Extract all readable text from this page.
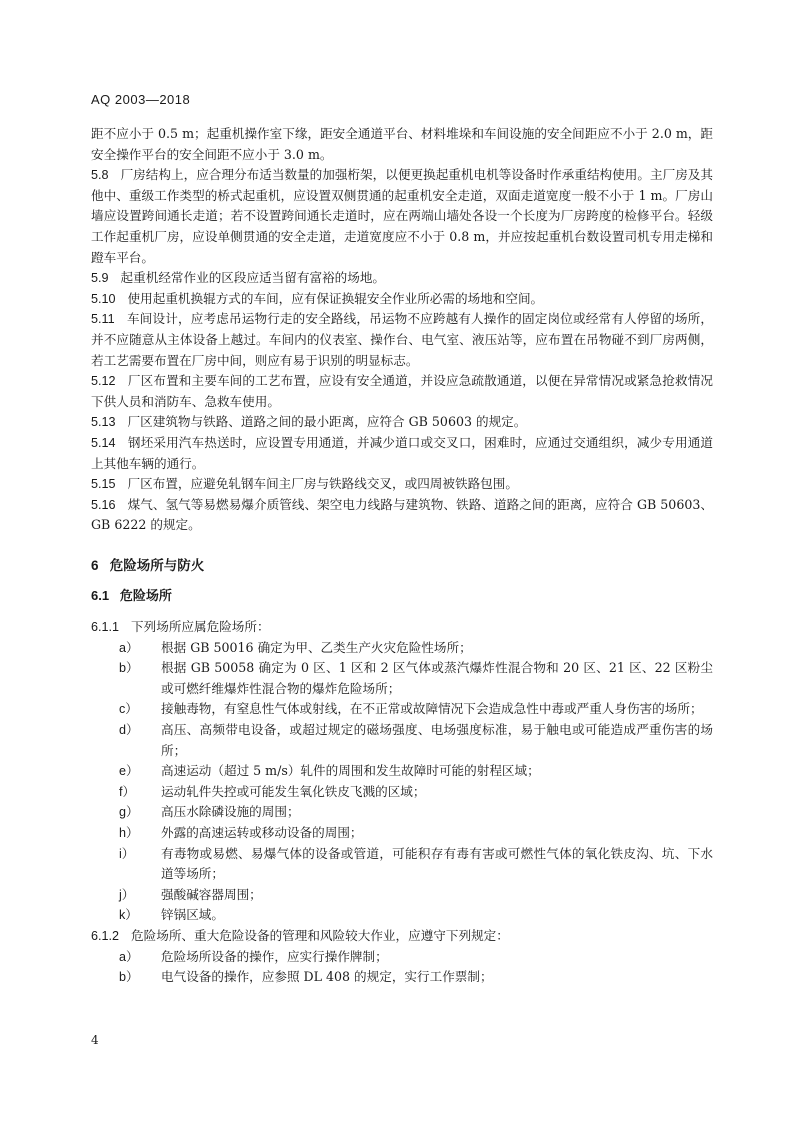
AQ 2003—2018

距不应小于 0.5 m；起重机操作室下缘，距安全通道平台、材料堆垛和车间设施的安全间距应不小于 2.0 m，距安全操作平台的安全间距不应小于 3.0 m。

5.8 厂房结构上，应合理分布适当数量的加强桁架，以便更换起重机电机等设备时作承重结构使用。主厂房及其他中、重级工作类型的桥式起重机，应设置双侧贯通的起重机安全走道，双面走道宽度一般不小于 1 m。厂房山墙应设置跨间通长走道；若不设置跨间通长走道时，应在两端山墙处各设一个长度为厂房跨度的检修平台。轻级工作起重机厂房，应设单侧贯通的安全走道，走道宽度应不小于 0.8 m，并应按起重机台数设置司机专用走梯和蹬车平台。

5.9 起重机经常作业的区段应适当留有富裕的场地。

5.10 使用起重机换辊方式的车间，应有保证换辊安全作业所必需的场地和空间。

5.11 车间设计，应考虑吊运物行走的安全路线，吊运物不应跨越有人操作的固定岗位或经常有人停留的场所，并不应随意从主体设备上越过。车间内的仪表室、操作台、电气室、液压站等，应布置在吊物碰不到厂房两侧，若工艺需要布置在厂房中间，则应有易于识别的明显标志。

5.12 厂区布置和主要车间的工艺布置，应设有安全通道，并设应急疏散通道，以便在异常情况或紧急抢救情况下供人员和消防车、急救车使用。

5.13 厂区建筑物与铁路、道路之间的最小距离，应符合 GB 50603 的规定。

5.14 钢坯采用汽车热送时，应设置专用通道，并减少道口或交叉口，困难时，应通过交通组织，减少专用通道上其他车辆的通行。

5.15 厂区布置，应避免轧钢车间主厂房与铁路线交叉，或四周被铁路包围。

5.16 煤气、氢气等易燃易爆介质管线、架空电力线路与建筑物、铁路、道路之间的距离，应符合 GB 50603、GB 6222 的规定。

6 危险场所与防火
6.1 危险场所

6.1.1 下列场所应属危险场所：

a）	根据 GB 50016 确定为甲、乙类生产火灾危险性场所；
b）	根据 GB 50058 确定为 0 区、1 区和 2 区气体或蒸汽爆炸性混合物和 20 区、21 区、22 区粉尘或可燃纤维爆炸性混合物的爆炸危险场所；
c）	接触毒物，有窒息性气体或射线，在不正常或故障情况下会造成急性中毒或严重人身伤害的场所；
d）	高压、高频带电设备，或超过规定的磁场强度、电场强度标准，易于触电或可能造成严重伤害的场所；
e）	高速运动（超过 5 m/s）轧件的周围和发生故障时可能的射程区域；
f）	运动轧件失控或可能发生氧化铁皮飞溅的区域；
g）	高压水除磷设施的周围；
h）	外露的高速运转或移动设备的周围；
i）	有毒物或易燃、易爆气体的设备或管道，可能积存有毒有害或可燃性气体的氧化铁皮沟、坑、下水道等场所；
j）	强酸碱容器周围；
k）	锌锅区域。

6.1.2 危险场所、重大危险设备的管理和风险较大作业，应遵守下列规定：

a）	危险场所设备的操作，应实行操作牌制；
b）	电气设备的操作，应参照 DL 408 的规定，实行工作票制；
4
